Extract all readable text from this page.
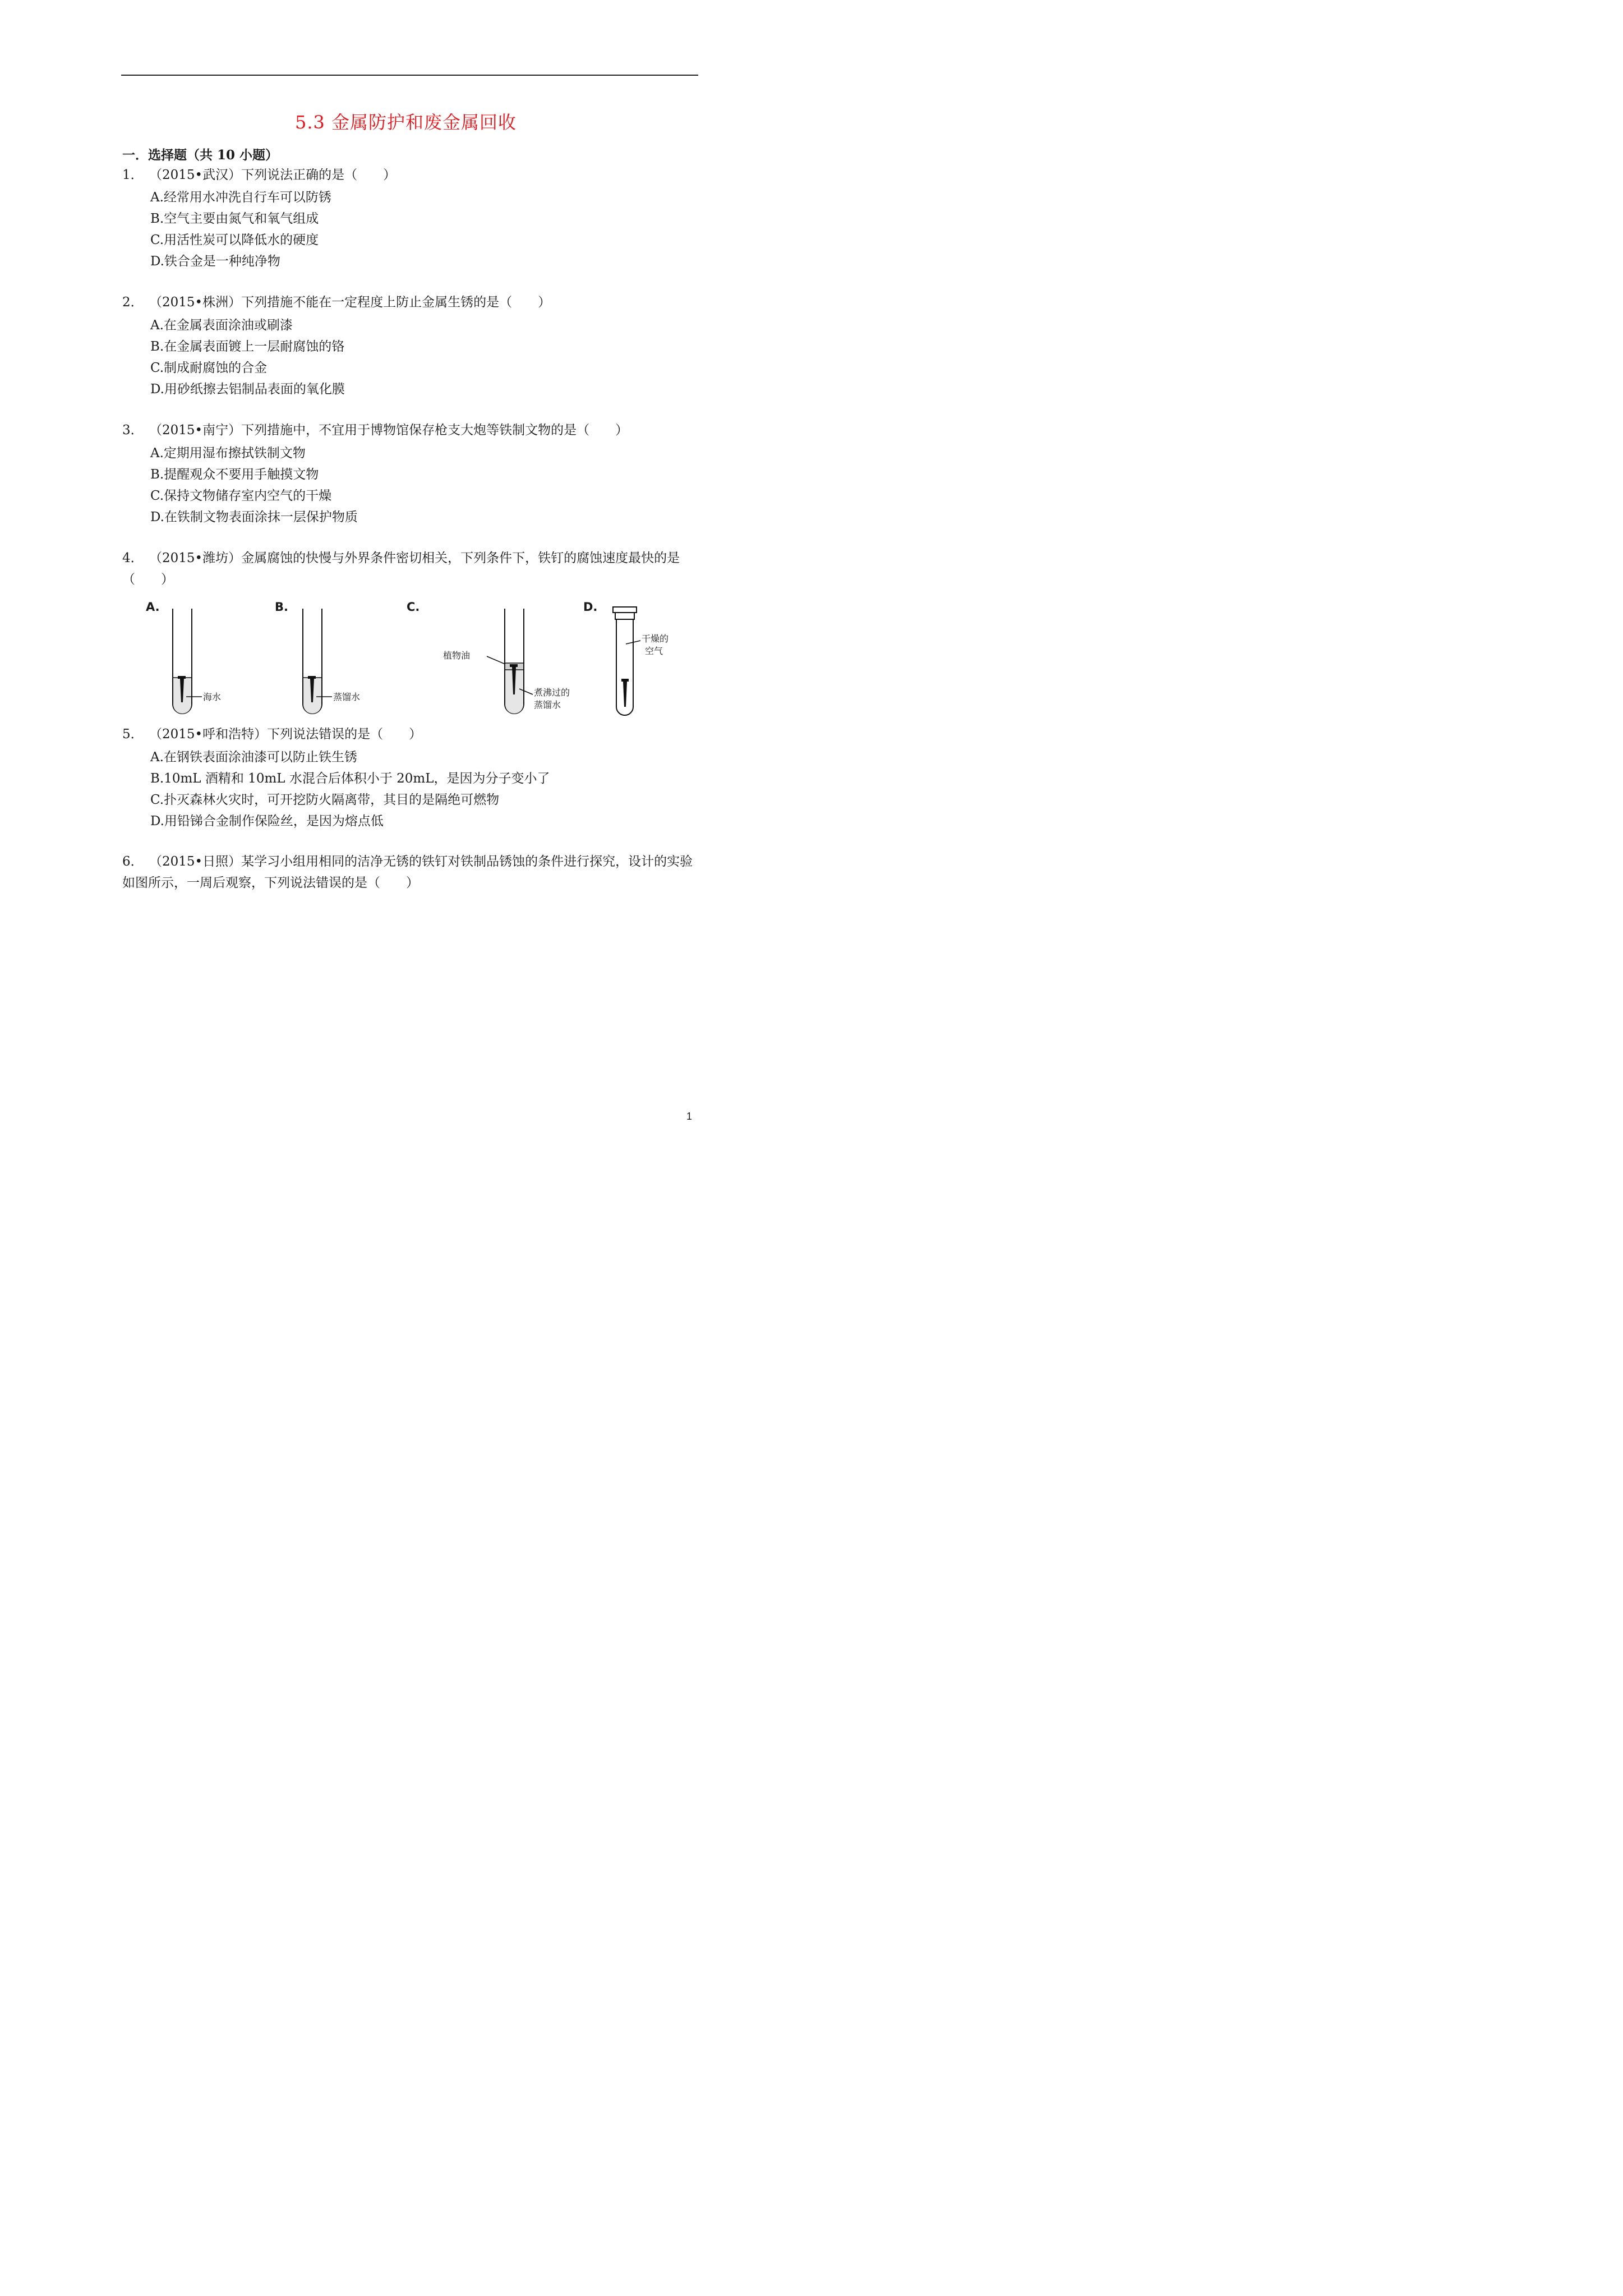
5.3 金属防护和废金属回收
一．选择题（共 10 小题）
1． （2015•武汉）下列说法正确的是（　　）
A.经常用水冲洗自行车可以防锈
B.空气主要由氮气和氧气组成
C.用活性炭可以降低水的硬度
D.铁合金是一种纯净物
2． （2015•株洲）下列措施不能在一定程度上防止金属生锈的是（　　）
A.在金属表面涂油或刷漆
B.在金属表面镀上一层耐腐蚀的铬
C.制成耐腐蚀的合金
D.用砂纸擦去铝制品表面的氧化膜
3． （2015•南宁）下列措施中，不宜用于博物馆保存枪支大炮等铁制文物的是（　　）
A.定期用湿布擦拭铁制文物
B.提醒观众不要用手触摸文物
C.保持文物储存室内空气的干燥
D.在铁制文物表面涂抹一层保护物质
4． （2015•潍坊）金属腐蚀的快慢与外界条件密切相关，下列条件下，铁钉的腐蚀速度最快的是（　　）
A.	B.	C.	D.
海水	蒸馏水
植物油
煮沸过的
蒸馏水
干燥的
空气
5． （2015•呼和浩特）下列说法错误的是（　　）
A.在钢铁表面涂油漆可以防止铁生锈
B.10mL 酒精和 10mL 水混合后体积小于 20mL，是因为分子变小了
C.扑灭森林火灾时，可开挖防火隔离带，其目的是隔绝可燃物
D.用铅锑合金制作保险丝，是因为熔点低
6． （2015•日照）某学习小组用相同的洁净无锈的铁钉对铁制品锈蚀的条件进行探究，设计的实验如图所示，一周后观察，下列说法错误的是（　　）
1
